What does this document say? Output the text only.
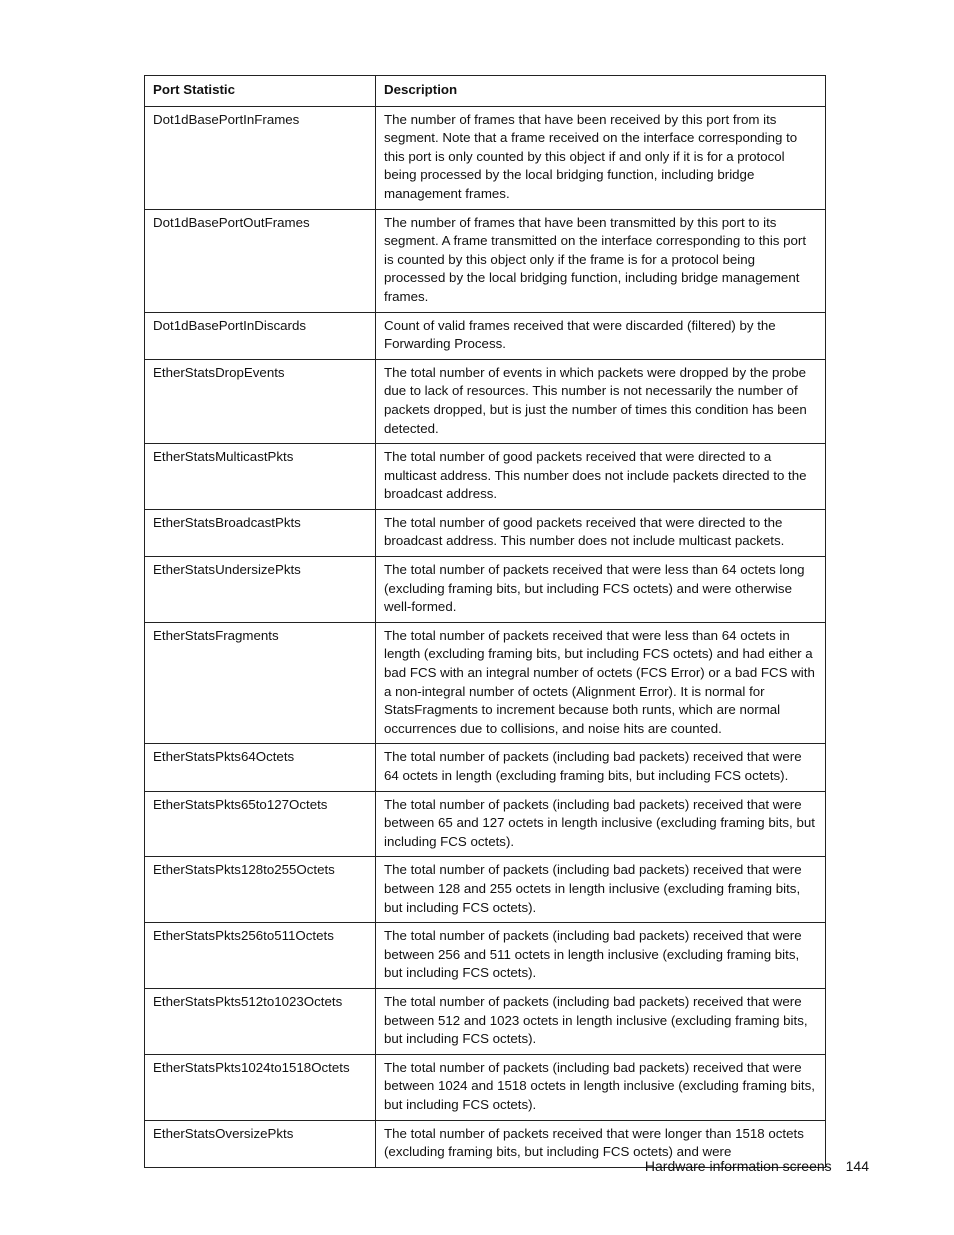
Port Statistic	Description
Dot1dBasePortInFrames	The number of frames that have been received by this port from its segment. Note that a frame received on the interface corresponding to this port is only counted by this object if and only if it is for a protocol being processed by the local bridging function, including bridge management frames.
Dot1dBasePortOutFrames	The number of frames that have been transmitted by this port to its segment. A frame transmitted on the interface corresponding to this port is counted by this object only if the frame is for a protocol being processed by the local bridging function, including bridge management frames.
Dot1dBasePortInDiscards	Count of valid frames received that were discarded (filtered) by the Forwarding Process.
EtherStatsDropEvents	The total number of events in which packets were dropped by the probe due to lack of resources. This number is not necessarily the number of packets dropped, but is just the number of times this condition has been detected.
EtherStatsMulticastPkts	The total number of good packets received that were directed to a multicast address. This number does not include packets directed to the broadcast address.
EtherStatsBroadcastPkts	The total number of good packets received that were directed to the broadcast address. This number does not include multicast packets.
EtherStatsUndersizePkts	The total number of packets received that were less than 64 octets long (excluding framing bits, but including FCS octets) and were otherwise well-formed.
EtherStatsFragments	The total number of packets received that were less than 64 octets in length (excluding framing bits, but including FCS octets) and had either a bad FCS with an integral number of octets (FCS Error) or a bad FCS with a non-integral number of octets (Alignment Error). It is normal for StatsFragments to increment because both runts, which are normal occurrences due to collisions, and noise hits are counted.
EtherStatsPkts64Octets	The total number of packets (including bad packets) received that were 64 octets in length (excluding framing bits, but including FCS octets).
EtherStatsPkts65to127Octets	The total number of packets (including bad packets) received that were between 65 and 127 octets in length inclusive (excluding framing bits, but including FCS octets).
EtherStatsPkts128to255Octets	The total number of packets (including bad packets) received that were between 128 and 255 octets in length inclusive (excluding framing bits, but including FCS octets).
EtherStatsPkts256to511Octets	The total number of packets (including bad packets) received that were between 256 and 511 octets in length inclusive (excluding framing bits, but including FCS octets).
EtherStatsPkts512to1023Octets	The total number of packets (including bad packets) received that were between 512 and 1023 octets in length inclusive (excluding framing bits, but including FCS octets).
EtherStatsPkts1024to1518Octets	The total number of packets (including bad packets) received that were between 1024 and 1518 octets in length inclusive (excluding framing bits, but including FCS octets).
EtherStatsOversizePkts	The total number of packets received that were longer than 1518 octets (excluding framing bits, but including FCS octets) and were
Hardware information screens 144
